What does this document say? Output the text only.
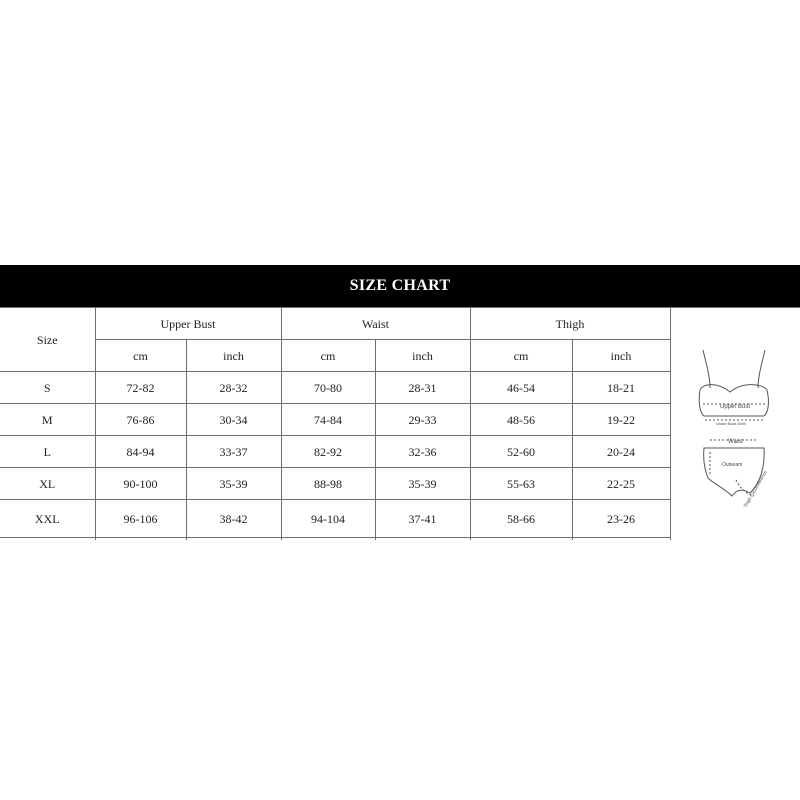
SIZE CHART
Size	Upper Bust		Waist		Thigh	
	cm	inch	cm	inch	cm	inch
S	72-82	28-32	70-80	28-31	46-54	18-21
M	76-86	30-34	74-84	29-33	48-56	19-22
L	84-94	33-37	82-92	32-36	52-60	20-24
XL	90-100	35-39	88-98	35-39	55-63	22-25
XXL	96-106	38-42	94-104	37-41	58-66	23-26

Upper Bust
Under Bust Girth
Waist
Outseam
Thigh Circumference
